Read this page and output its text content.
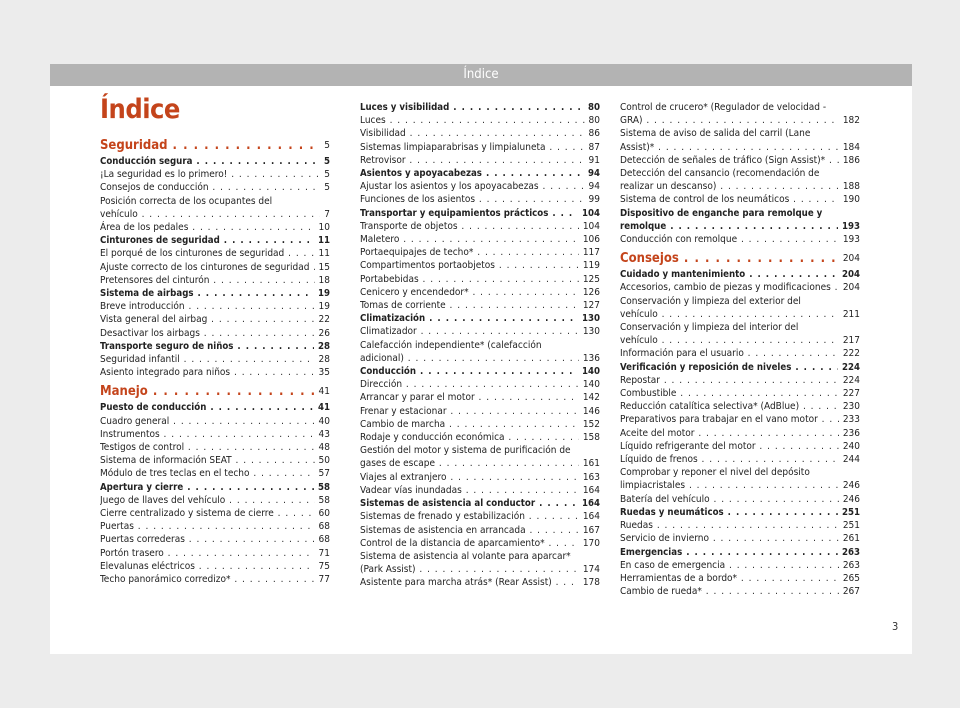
Índice
Índice
Seguridad . . .	5
Conducción segura . . .	5
¡La seguridad es lo primero! . . .	5
Consejos de conducción . . .	5
Posición correcta de los ocupantes del
vehículo . . .	7
Área de los pedales . . .	10
Cinturones de seguridad . . .	11
El porqué de los cinturones de seguridad . . .	11
Ajuste correcto de los cinturones de seguridad . . . 15
Pretensores del cinturón . . .	18
Sistema de airbags . . .	19
Breve introducción . . .	19
Vista general del airbag . . .	22
Desactivar los airbags . . .	26
Transporte seguro de niños . . .	28
Seguridad infantil . . .	28
Asiento integrado para niños . . .	35
Manejo . . .	41
Puesto de conducción . . .	41
Cuadro general . . .	40
Instrumentos . . .	43
Testigos de control . . .	48
Sistema de información SEAT . . .	50
Módulo de tres teclas en el techo . . .	57
Apertura y cierre . . .	58
Juego de llaves del vehículo . . .	58
Cierre centralizado y sistema de cierre . . .	60
Puertas . . .	68
Puertas correderas . . .	68
Portón trasero . . .	71
Elevalunas eléctricos . . .	75
Techo panorámico corredizo* . . .	77
Luces y visibilidad . . .	80
Luces . . .	80
Visibilidad . . .	86
Sistemas limpiaparabrisas y limpialuneta . . .	87
Retrovisor . . .	91
Asientos y apoyacabezas . . .	94
Ajustar los asientos y los apoyacabezas . . .	94
Funciones de los asientos . . .	99
Transportar y equipamientos prácticos . . .	104
Transporte de objetos . . .	104
Maletero . . .	106
Portaequipajes de techo* . . .	117
Compartimentos portaobjetos . . .	119
Portabebidas . . .	125
Cenicero y encendedor* . . .	126
Tomas de corriente . . .	127
Climatización . . .	130
Climatizador . . .	130
Calefacción independiente* (calefacción
adicional) . . .	136
Conducción . . .	140
Dirección . . .	140
Arrancar y parar el motor . . .	142
Frenar y estacionar . . .	146
Cambio de marcha . . .	152
Rodaje y conducción económica . . .	158
Gestión del motor y sistema de purificación de
gases de escape . . .	161
Viajes al extranjero . . .	163
Vadear vías inundadas . . .	164
Sistemas de asistencia al conductor . . .	164
Sistemas de frenado y estabilización . . .	164
Sistemas de asistencia en arrancada . . .	167
Control de la distancia de aparcamiento* . . .	170
Sistema de asistencia al volante para aparcar*
(Park Assist) . . .	174
Asistente para marcha atrás* (Rear Assist) . . .	178
Control de crucero* (Regulador de velocidad -
GRA) . . .	182
Sistema de aviso de salida del carril (Lane
Assist)* . . .	184
Detección de señales de tráfico (Sign Assist)* . . .	186
Detección del cansancio (recomendación de
realizar un descanso) . . .	188
Sistema de control de los neumáticos . . .	190
Dispositivo de enganche para remolque y
remolque . . .	193
Conducción con remolque . . .	193
Consejos . . .	204
Cuidado y mantenimiento . . .	204
Accesorios, cambio de piezas y modificaciones . . .	204
Conservación y limpieza del exterior del
vehículo . . .	211
Conservación y limpieza del interior del
vehículo . . .	217
Información para el usuario . . .	222
Verificación y reposición de niveles . . .	224
Repostar . . .	224
Combustible . . .	227
Reducción catalítica selectiva* (AdBlue) . . .	230
Preparativos para trabajar en el vano motor . . .	233
Aceite del motor . . .	236
Líquido refrigerante del motor . . .	240
Líquido de frenos . . .	244
Comprobar y reponer el nivel del depósito
limpiacristales . . .	246
Batería del vehículo . . .	246
Ruedas y neumáticos . . .	251
Ruedas . . .	251
Servicio de invierno . . .	261
Emergencias . . .	263
En caso de emergencia . . .	263
Herramientas de a bordo* . . .	265
Cambio de rueda* . . .	267
3
